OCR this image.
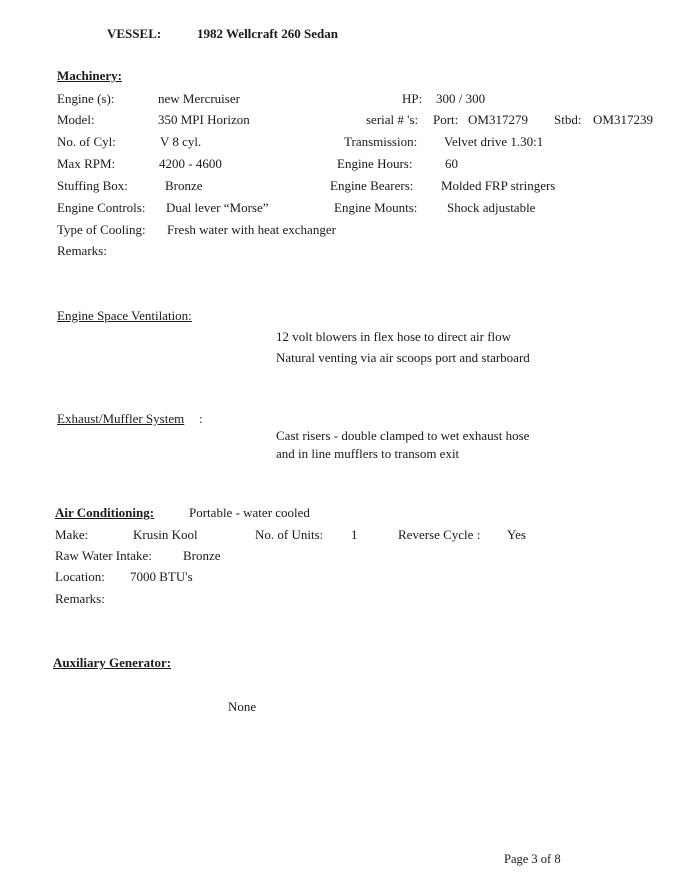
VESSEL:	1982 Wellcraft 260 Sedan
Machinery:
Engine (s):	new Mercruiser	HP: 300 / 300
Model:	350 MPI Horizon	serial # 's: Port: OM317279 Stbd: OM317239
No. of Cyl:	V 8 cyl.	Transmission: Velvet drive 1.30:1
Max RPM:	4200 - 4600	Engine Hours:	60
Stuffing Box:	Bronze	Engine Bearers: Molded FRP stringers
Engine Controls: Dual lever “Morse”	Engine Mounts: Shock adjustable
Type of Cooling: Fresh water with heat exchanger
Remarks:
Engine Space Ventilation:
12 volt blowers in flex hose to direct air flow
Natural venting via air scoops port and starboard
Exhaust/Muffler System :
Cast risers - double clamped to wet exhaust hose
and in line mufflers to transom exit
Air Conditioning:	Portable - water cooled
Make:	Krusin Kool	No. of Units: 1	Reverse Cycle : Yes
Raw Water Intake: Bronze
Location: 7000 BTU's
Remarks:
Auxiliary Generator:
None
Page 3 of 8
